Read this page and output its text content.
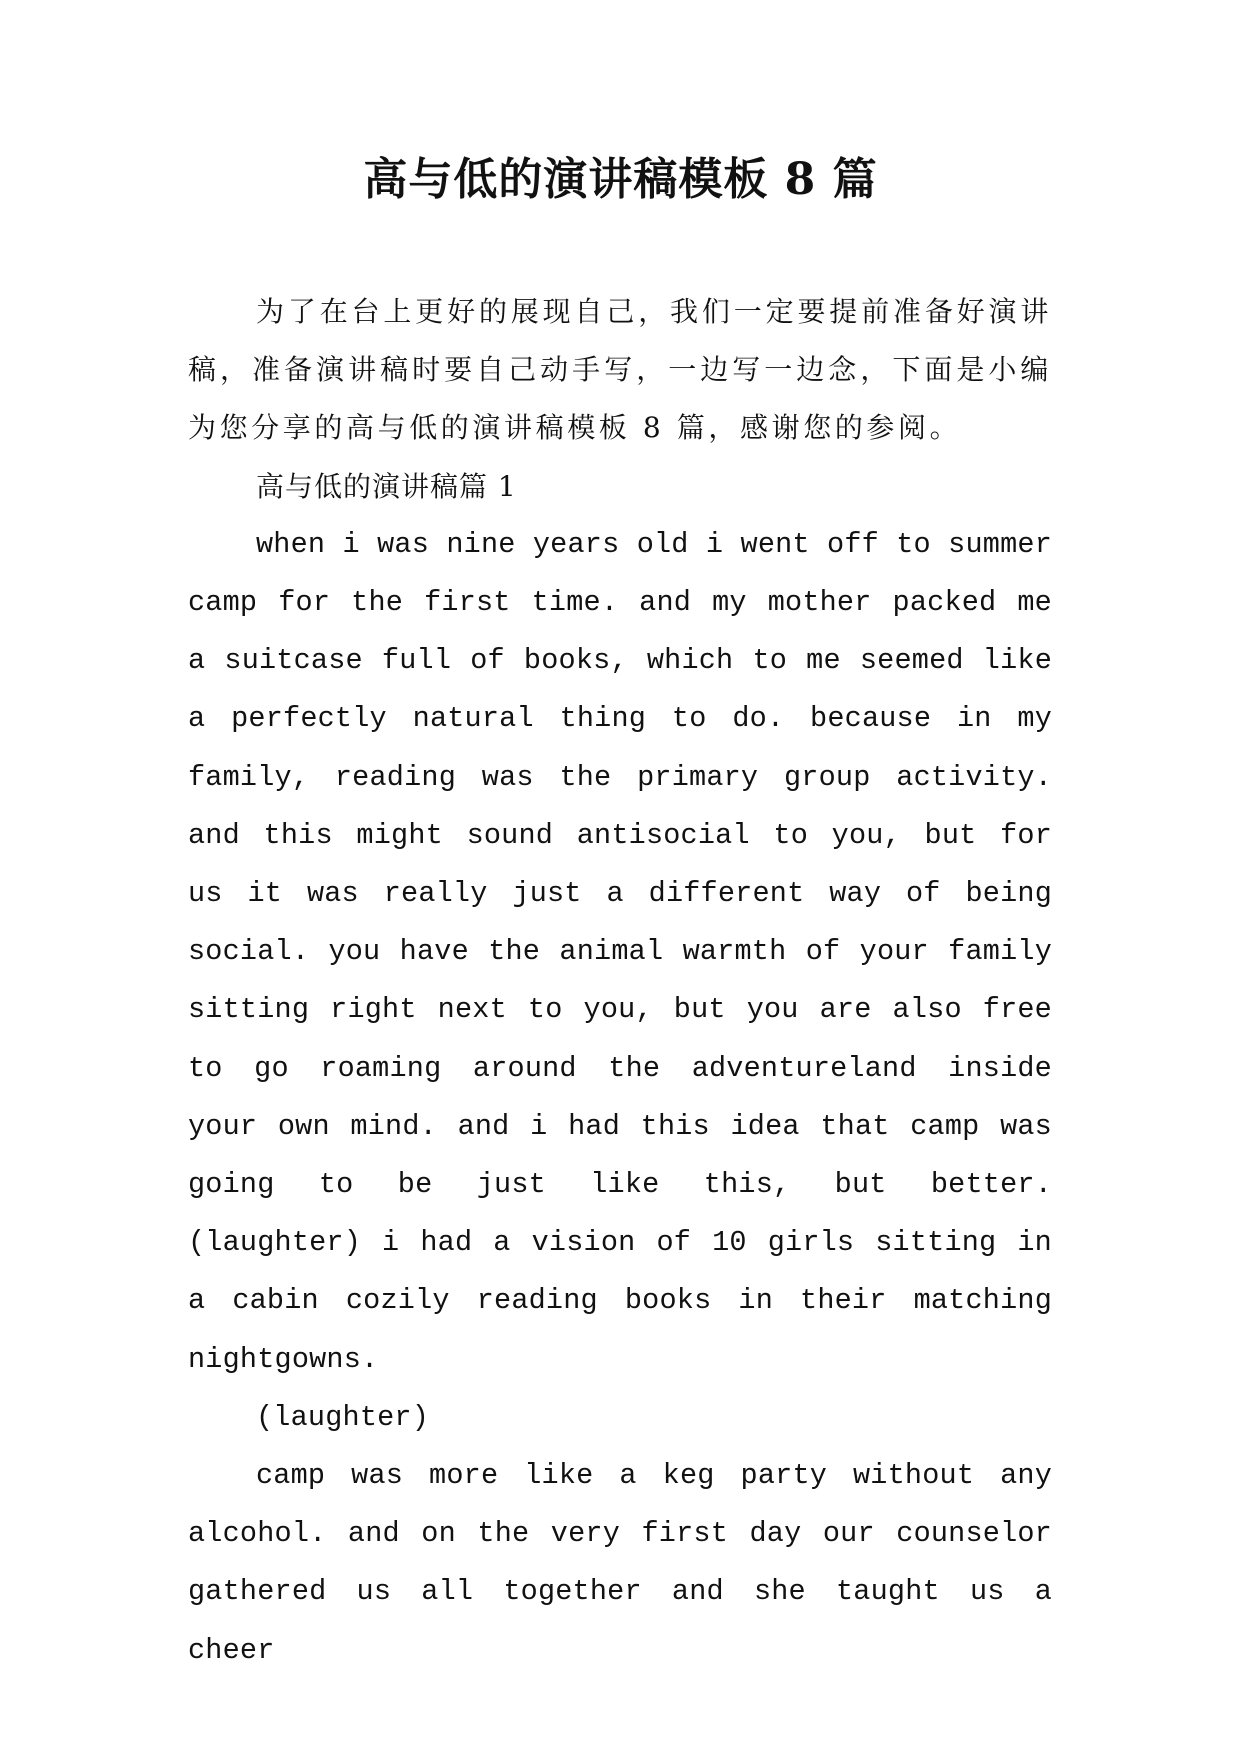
高与低的演讲稿模板 8 篇

为了在台上更好的展现自己，我们一定要提前准备好演讲稿，准备演讲稿时要自己动手写，一边写一边念，下面是小编为您分享的高与低的演讲稿模板 8 篇，感谢您的参阅。

高与低的演讲稿篇 1

when i was nine years old i went off to summer camp for the first time. and my mother packed me a suitcase full of books, which to me seemed like a perfectly natural thing to do. because in my family, reading was the primary group activity. and this might sound antisocial to you, but for us it was really just a different way of being social. you have the animal warmth of your family sitting right next to you, but you are also free to go roaming around the adventureland inside your own mind. and i had this idea that camp was going to be just like this, but better. (laughter) i had a vision of 10 girls sitting in a cabin cozily reading books in their matching nightgowns.

(laughter)

camp was more like a keg party without any alcohol. and on the very first day our counselor gathered us all together and she taught us a cheer
